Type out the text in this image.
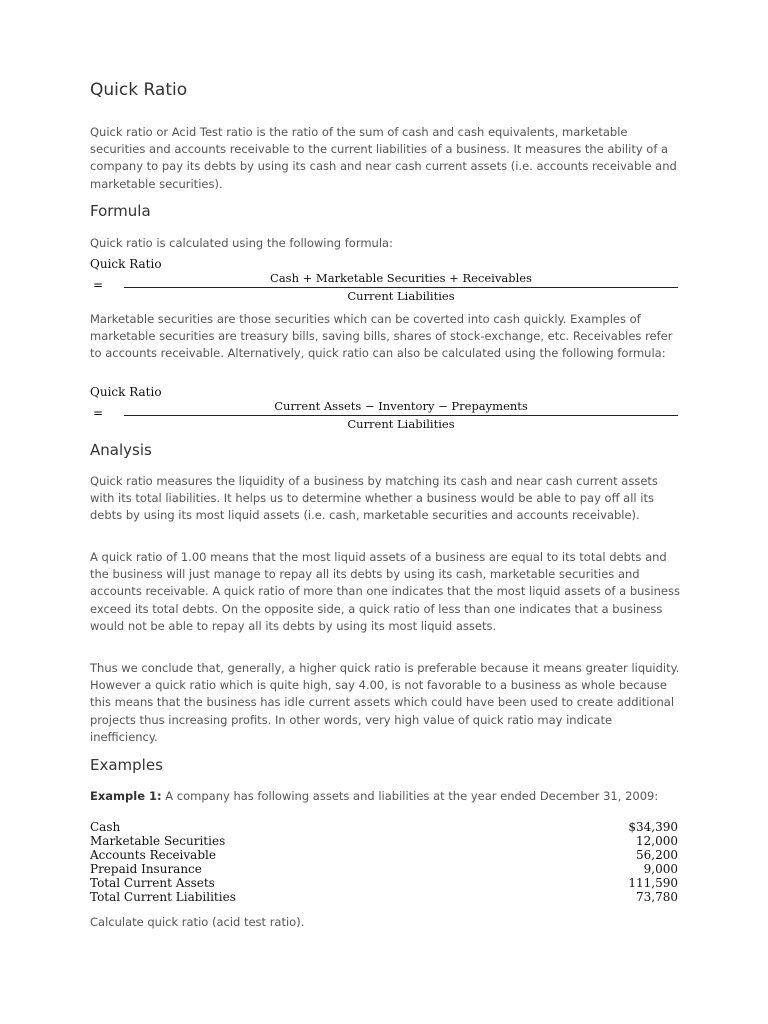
Quick Ratio

Quick ratio or Acid Test ratio is the ratio of the sum of cash and cash equivalents, marketable securities and accounts receivable to the current liabilities of a business. It measures the ability of a company to pay its debts by using its cash and near cash current assets (i.e. accounts receivable and marketable securities).

Formula

Quick ratio is calculated using the following formula:

Quick Ratio
=	Cash + Marketable Securities + Receivables
Current Liabilities

Marketable securities are those securities which can be coverted into cash quickly. Examples of marketable securities are treasury bills, saving bills, shares of stock-exchange, etc. Receivables refer to accounts receivable. Alternatively, quick ratio can also be calculated using the following formula:

Quick Ratio
=	Current Assets − Inventory − Prepayments
Current Liabilities
Analysis

Quick ratio measures the liquidity of a business by matching its cash and near cash current assets with its total liabilities. It helps us to determine whether a business would be able to pay off all its debts by using its most liquid assets (i.e. cash, marketable securities and accounts receivable).

A quick ratio of 1.00 means that the most liquid assets of a business are equal to its total debts and the business will just manage to repay all its debts by using its cash, marketable securities and accounts receivable. A quick ratio of more than one indicates that the most liquid assets of a business exceed its total debts. On the opposite side, a quick ratio of less than one indicates that a business would not be able to repay all its debts by using its most liquid assets.

Thus we conclude that, generally, a higher quick ratio is preferable because it means greater liquidity. However a quick ratio which is quite high, say 4.00, is not favorable to a business as whole because this means that the business has idle current assets which could have been used to create additional projects thus increasing profits. In other words, very high value of quick ratio may indicate inefficiency.

Examples

Example 1: A company has following assets and liabilities at the year ended December 31, 2009:

Cash	$34,390
Marketable Securities	12,000
Accounts Receivable	56,200
Prepaid Insurance	9,000
Total Current Assets	111,590
Total Current Liabilities	73,780

Calculate quick ratio (acid test ratio).
